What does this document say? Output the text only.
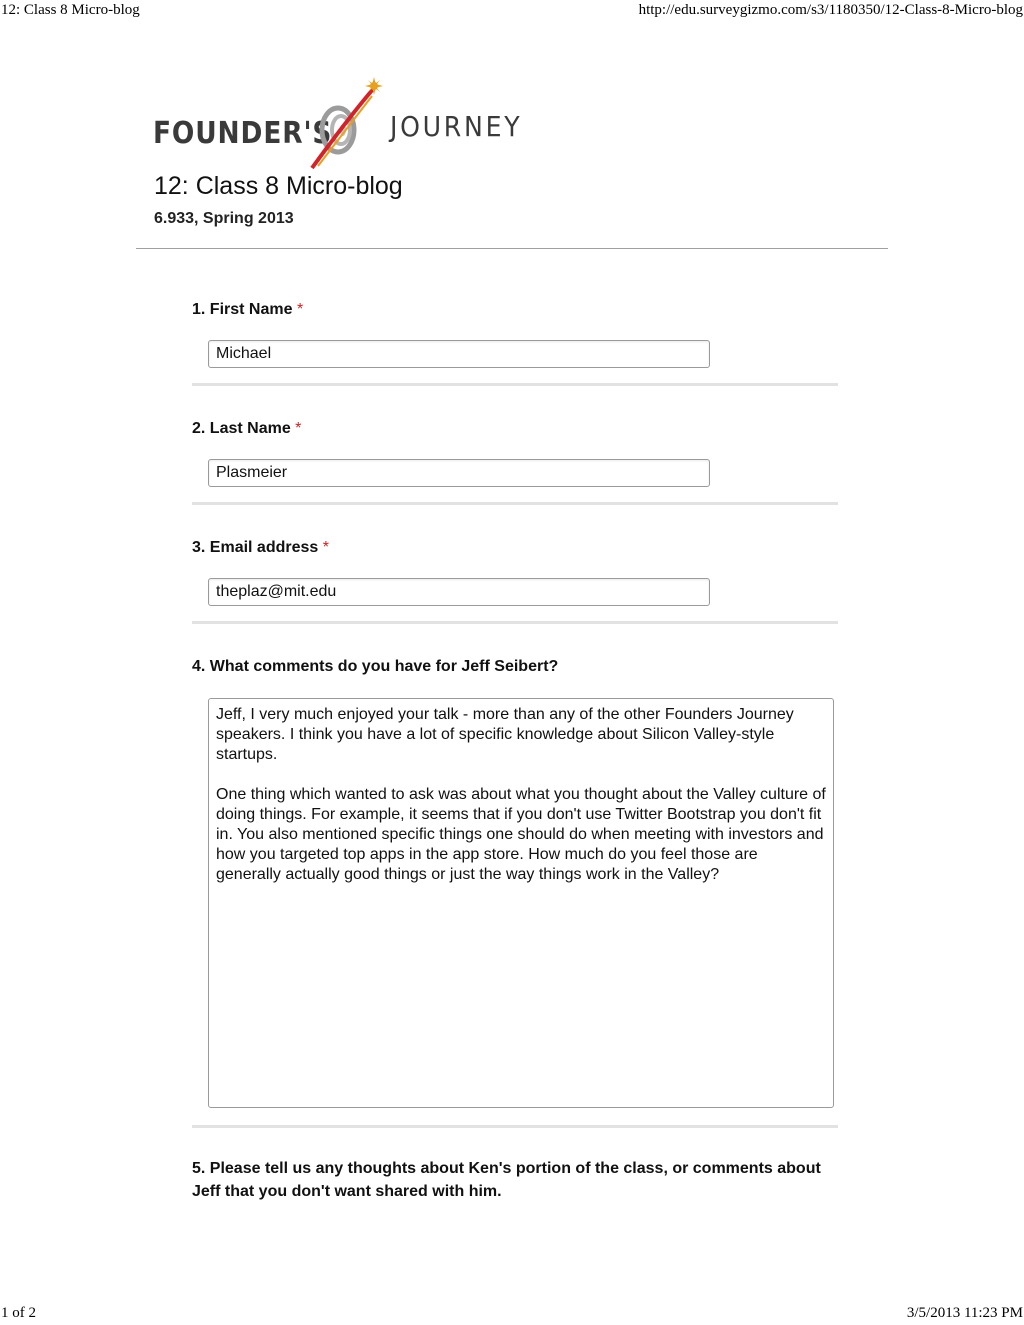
12: Class 8 Micro-blog	http://edu.surveygizmo.com/s3/1180350/12-Class-8-Micro-blog
FOUNDER'S JOURNEY
12: Class 8 Micro-blog
6.933, Spring 2013
1. First Name *
Michael
2. Last Name *
Plasmeier
3. Email address *
theplaz@mit.edu
4. What comments do you have for Jeff Seibert?

Jeff, I very much enjoyed your talk - more than any of the other Founders Journey speakers. I think you have a lot of specific knowledge about Silicon Valley-style startups.

One thing which wanted to ask was about what you thought about the Valley culture of doing things. For example, it seems that if you don't use Twitter Bootstrap you don't fit in. You also mentioned specific things one should do when meeting with investors and how you targeted top apps in the app store. How much do you feel those are generally actually good things or just the way things work in the Valley?

5. Please tell us any thoughts about Ken's portion of the class, or comments about Jeff that you don't want shared with him.
1 of 2	3/5/2013 11:23 PM
